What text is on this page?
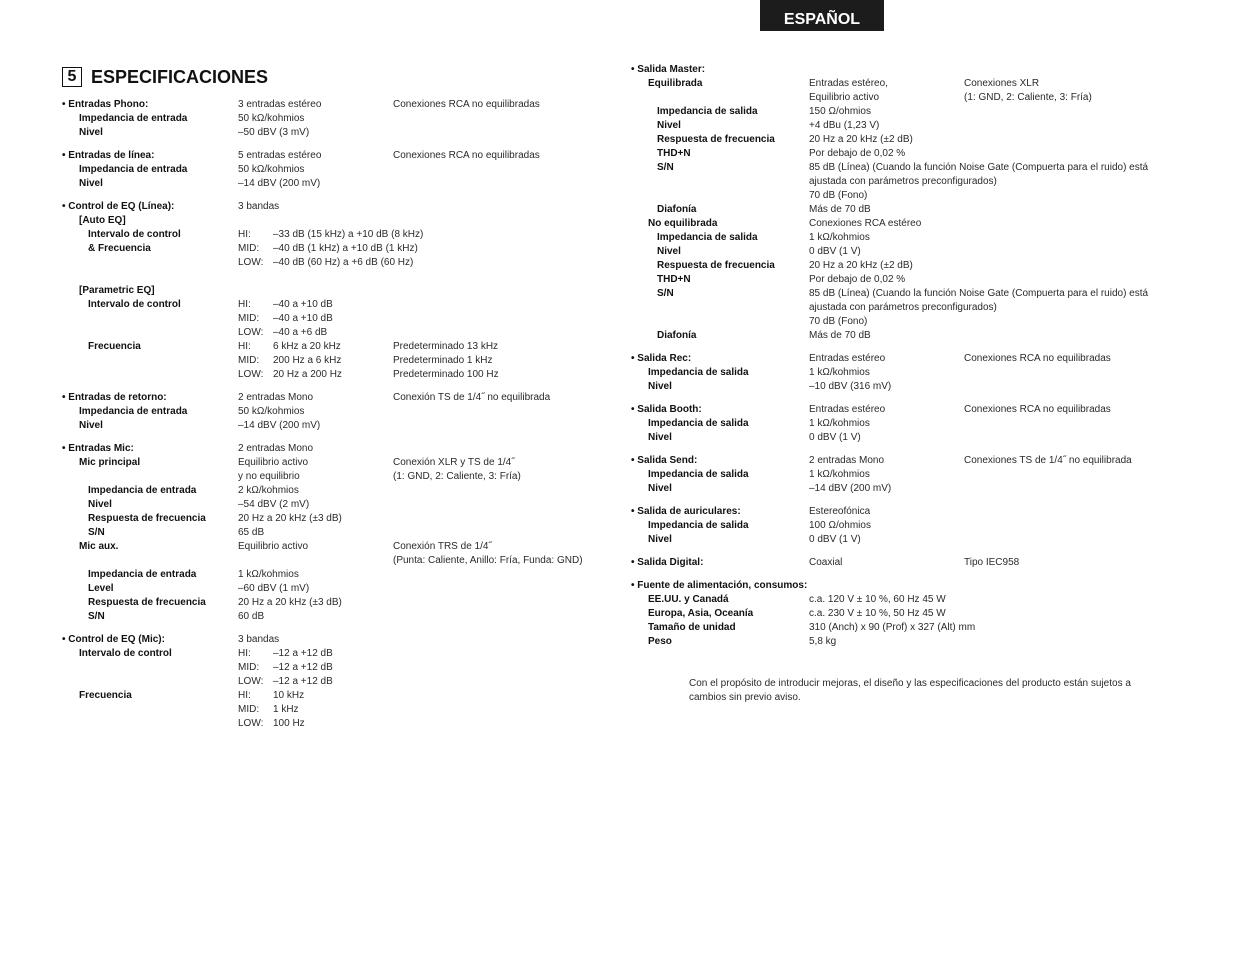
ESPAÑOL
5 ESPECIFICACIONES
• Entradas Phono:	3 entradas estéreo	Conexiones RCA no equilibradas
Impedancia de entrada	50 kΩ/kohmios
Nivel	–50 dBV (3 mV)
• Entradas de línea:	5 entradas estéreo	Conexiones RCA no equilibradas
Impedancia de entrada	50 kΩ/kohmios
Nivel	–14 dBV (200 mV)
• Control de EQ (Línea):	3 bandas
[Auto EQ]
Intervalo de control	HI: –33 dB (15 kHz) a +10 dB (8 kHz)
& Frecuencia	MID: –40 dB (1 kHz) a +10 dB (1 kHz)
LOW: –40 dB (60 Hz) a +6 dB (60 Hz)
[Parametric EQ]
Intervalo de control	HI: –40 a +10 dB
MID: –40 a +10 dB
LOW: –40 a +6 dB
Frecuencia	HI: 6 kHz a 20 kHz	Predeterminado 13 kHz
MID: 200 Hz a 6 kHz	Predeterminado 1 kHz
LOW: 20 Hz a 200 Hz	Predeterminado 100 Hz
• Entradas de retorno:	2 entradas Mono	Conexión TS de 1/4˝ no equilibrada
Impedancia de entrada	50 kΩ/kohmios
Nivel	–14 dBV (200 mV)
• Entradas Mic:	2 entradas Mono
Mic principal	Equilibrio activo	Conexión XLR y TS de 1/4˝
y no equilibrio	(1: GND, 2: Caliente, 3: Fría)
Impedancia de entrada	2 kΩ/kohmios
Nivel	–54 dBV (2 mV)
Respuesta de frecuencia	20 Hz a 20 kHz (±3 dB)
S/N	65 dB
Mic aux.	Equilibrio activo	Conexión TRS de 1/4˝
(Punta: Caliente, Anillo: Fría, Funda: GND)
Impedancia de entrada	1 kΩ/kohmios
Level	–60 dBV (1 mV)
Respuesta de frecuencia	20 Hz a 20 kHz (±3 dB)
S/N	60 dB
• Control de EQ (Mic):	3 bandas
Intervalo de control	HI: –12 a +12 dB
MID: –12 a +12 dB
LOW: –12 a +12 dB
Frecuencia	HI: 10 kHz
MID: 1 kHz
LOW: 100 Hz
• Salida Master:
Equilibrada	Entradas estéreo,	Conexiones XLR
Equilibrio activo	(1: GND, 2: Caliente, 3: Fría)
Impedancia de salida	150 Ω/ohmios
Nivel	+4 dBu (1,23 V)
Respuesta de frecuencia	20 Hz a 20 kHz (±2 dB)
THD+N	Por debajo de 0,02 %
S/N	85 dB (Línea) (Cuando la función Noise Gate (Compuerta para el ruido) está
ajustada con parámetros preconfigurados)
70 dB (Fono)
Diafonía	Más de 70 dB
No equilibrada	Conexiones RCA estéreo
Impedancia de salida	1 kΩ/kohmios
Nivel	0 dBV (1 V)
Respuesta de frecuencia	20 Hz a 20 kHz (±2 dB)
THD+N	Por debajo de 0,02 %
S/N	85 dB (Línea) (Cuando la función Noise Gate (Compuerta para el ruido) está
ajustada con parámetros preconfigurados)
70 dB (Fono)
Diafonía	Más de 70 dB
• Salida Rec:	Entradas estéreo	Conexiones RCA no equilibradas
Impedancia de salida	1 kΩ/kohmios
Nivel	–10 dBV (316 mV)
• Salida Booth:	Entradas estéreo	Conexiones RCA no equilibradas
Impedancia de salida	1 kΩ/kohmios
Nivel	0 dBV (1 V)
• Salida Send:	2 entradas Mono	Conexiones TS de 1/4˝ no equilibrada
Impedancia de salida	1 kΩ/kohmios
Nivel	–14 dBV (200 mV)
• Salida de auriculares:	Estereofónica
Impedancia de salida	100 Ω/ohmios
Nivel	0 dBV (1 V)
• Salida Digital:	Coaxial	Tipo IEC958
• Fuente de alimentación, consumos:
EE.UU. y Canadá	c.a. 120 V ± 10 %, 60 Hz 45 W
Europa, Asia, Oceanía	c.a. 230 V ± 10 %, 50 Hz 45 W
Tamaño de unidad	310 (Anch) x 90 (Prof) x 327 (Alt) mm
Peso	5,8 kg
Con el propósito de introducir mejoras, el diseño y las especificaciones del producto están sujetos a cambios sin previo aviso.
